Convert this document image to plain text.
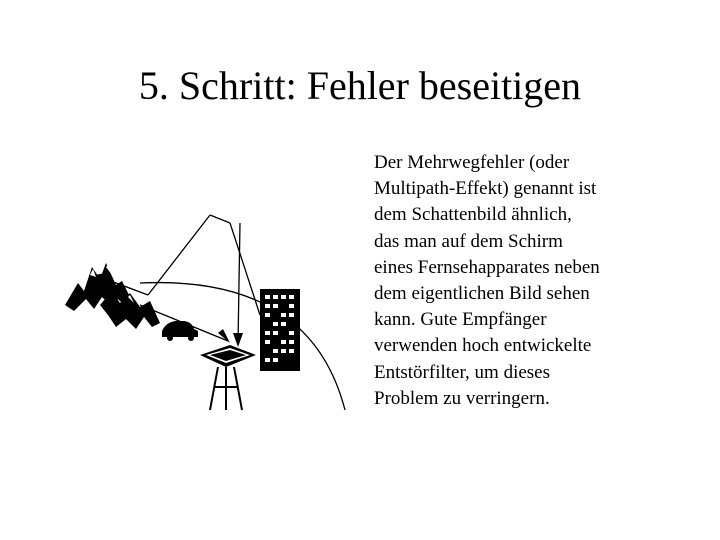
5. Schritt: Fehler beseitigen

Der Mehrwegfehler (oder
Multipath-Effekt) genannt ist
dem Schattenbild ähnlich,
das man auf dem Schirm
eines Fernsehapparates neben
dem eigentlichen Bild sehen
kann. Gute Empfänger
verwenden hoch entwickelte
Entstörfilter, um dieses
Problem zu verringern.
